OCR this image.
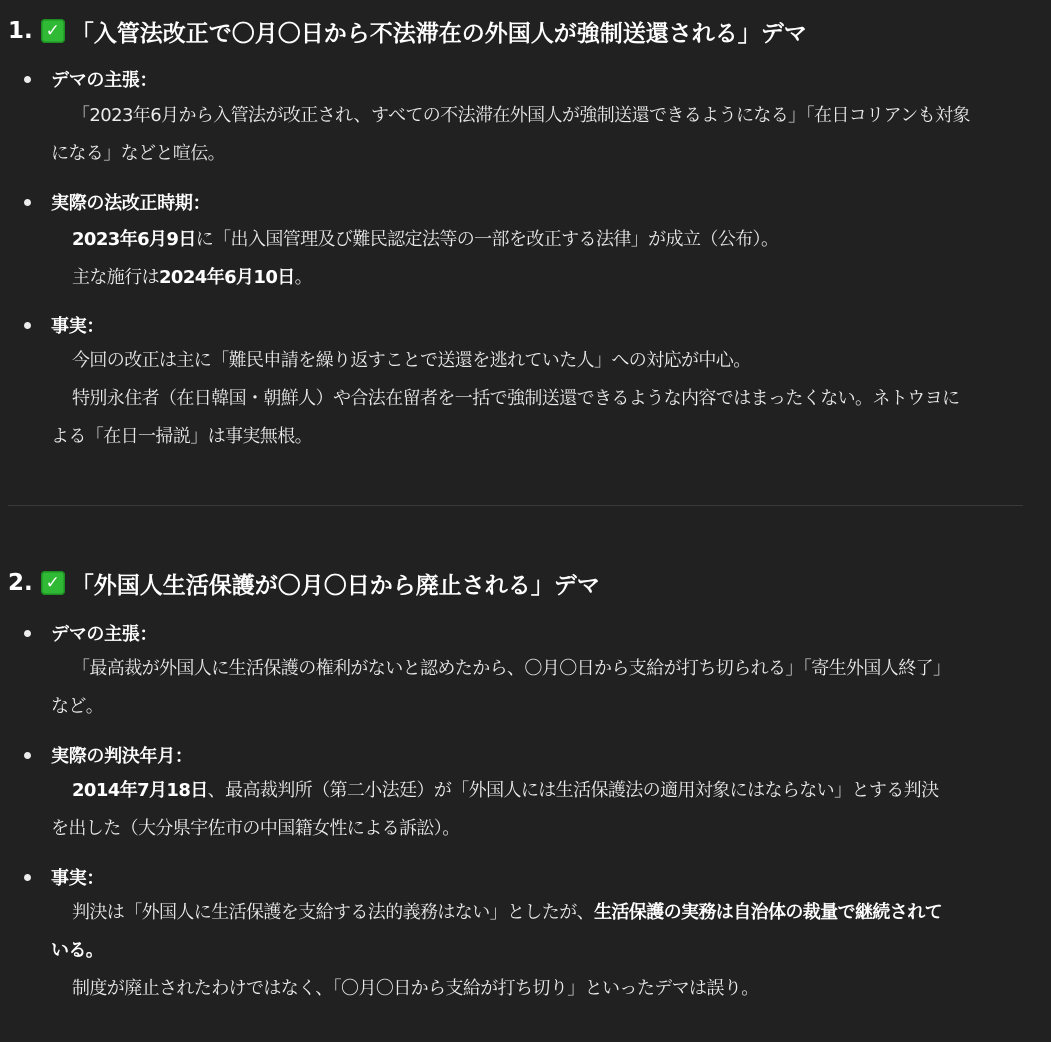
1. ✓ 「入管法改正で〇月〇日から不法滞在の外国人が強制送還される」デマ
デマの主張：
「2023年6月から入管法が改正され、すべての不法滞在外国人が強制送還できるようになる」「在日コリアンも対象
になる」などと喧伝。
実際の法改正時期：
2023年6月9日に「出入国管理及び難民認定法等の一部を改正する法律」が成立（公布）。
主な施行は2024年6月10日。
事実：
今回の改正は主に「難民申請を繰り返すことで送還を逃れていた人」への対応が中心。
特別永住者（在日韓国・朝鮮人）や合法在留者を一括で強制送還できるような内容ではまったくない。ネトウヨに
よる「在日一掃説」は事実無根。
2. ✓ 「外国人生活保護が〇月〇日から廃止される」デマ
デマの主張：
「最高裁が外国人に生活保護の権利がないと認めたから、〇月〇日から支給が打ち切られる」「寄生外国人終了」
など。
実際の判決年月：
2014年7月18日、最高裁判所（第二小法廷）が「外国人には生活保護法の適用対象にはならない」とする判決
を出した（大分県宇佐市の中国籍女性による訴訟）。
事実：
判決は「外国人に生活保護を支給する法的義務はない」としたが、生活保護の実務は自治体の裁量で継続されて
いる。
制度が廃止されたわけではなく、「〇月〇日から支給が打ち切り」といったデマは誤り。
